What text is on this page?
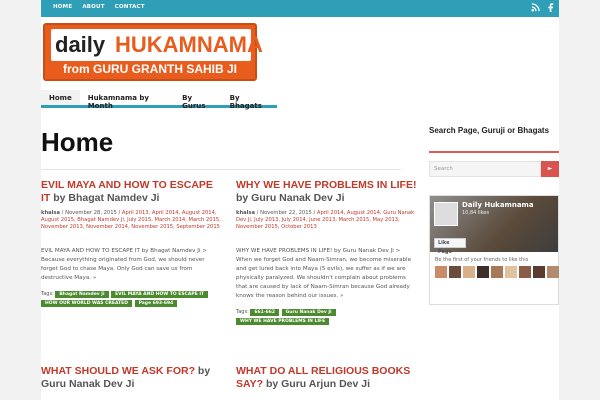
HOME ABOUT CONTACT
daily HUKAMNAMA
from GURU GRANTH SAHIB JI
Home	Hukamnama by Month
By Gurus
By Bhagats
Home
EVIL MAYA AND HOW TO ESCAPE IT by Bhagat Namdev Ji
khalsa / November 28, 2015 / April 2013, April 2014, August 2014, August 2015, Bhagat Namdev Ji, July 2015, March 2014, March 2015, November 2013, November 2014, November 2015, September 2015
EVIL MAYA AND HOW TO ESCAPE IT by Bhagat Namdev Ji > Because everything originated from God, we should never forget God to chase Maya. Only God can save us from destructive Maya. »
Tags: Bhagat Namdev Ji EVIL MAYA AND HOW TO ESCAPE IT HOW OUR WORLD WAS CREATED Page 693-694
WHY WE HAVE PROBLEMS IN LIFE! by Guru Nanak Dev Ji
khalsa / November 22, 2015 / April 2014, August 2014, Guru Nanak Dev Ji, July 2013, July 2014, June 2013, March 2015, May 2013, November 2015, October 2013
WHY WE HAVE PROBLEMS IN LIFE! by Guru Nanak Dev Ji > When we forget God and Naam-Simran, we become miserable and get lured back into Maya (5 evils), we suffer as if we are physically paralyzed. We shouldn't complain about problems that are caused by lack of Naam-Simran because God already knows the reason behind our issues. »
Tags: 661-662 Guru Nanak Dev Ji WHY WE HAVE PROBLEMS IN LIFE
WHAT SHOULD WE ASK FOR? by Guru Nanak Dev Ji
WHAT DO ALL RELIGIOUS BOOKS SAY? by Guru Arjun Dev Ji
Search Page, Guruji or Bhagats
Search	►
Daily Hukamnama
10,84 likes
Like Page
Be the first of your friends to like this
